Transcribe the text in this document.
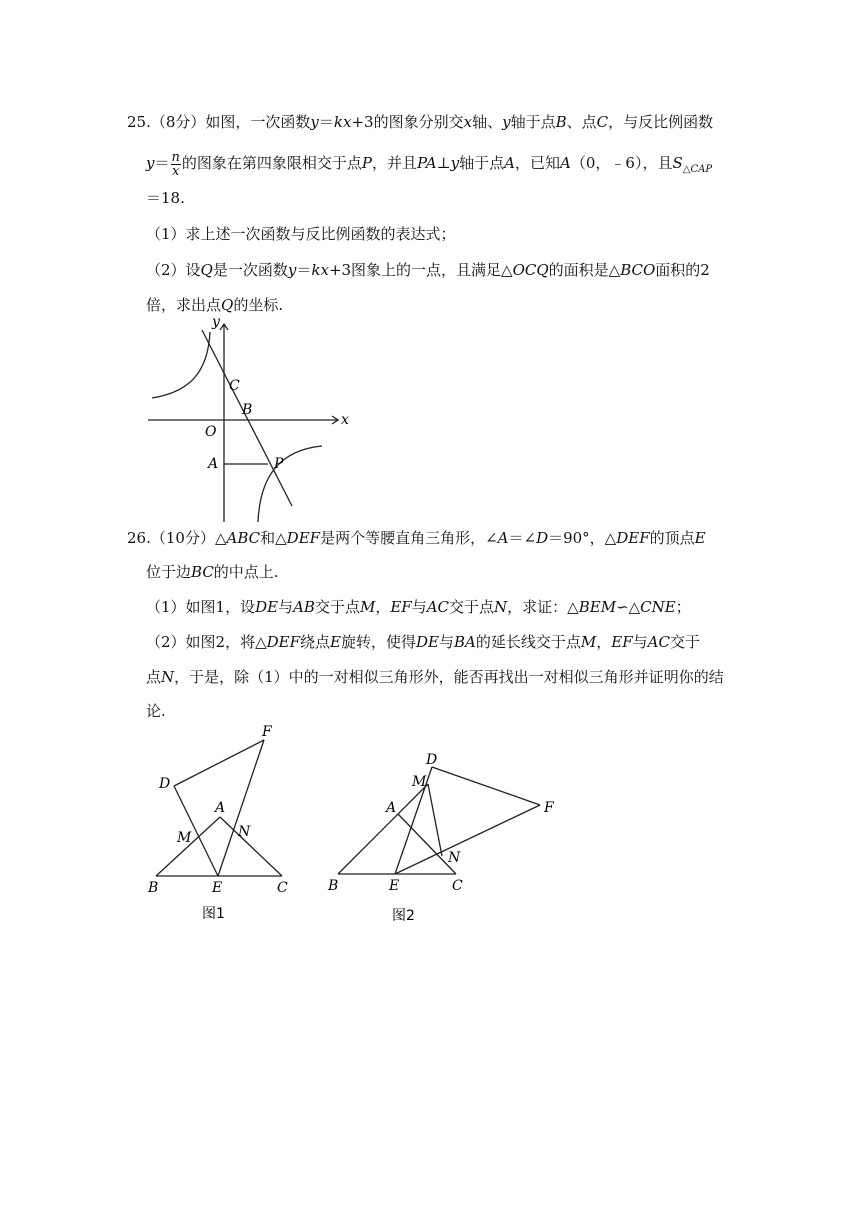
25.（8分）如图，一次函数y＝kx+3的图象分别交x轴、y轴于点B、点C，与反比例函数
$y= \frac{n}{x}$ 的图象在第四象限相交于点P，并且PA⊥y轴于点A，已知A（0，﹣6），且$S_{\triangle CAP}$
＝18.
（1）求上述一次函数与反比例函数的表达式；
（2）设Q是一次函数y＝kx+3图象上的一点，且满足△OCQ的面积是△BCO面积的2
倍，求出点Q的坐标.
y
x
C
B
O
A	P
26.（10分）△ABC和△DEF是两个等腰直角三角形，∠A＝∠D＝90°，△DEF的顶点E
位于边BC的中点上.
（1）如图1，设DE与AB交于点M，EF与AC交于点N，求证：△BEM∽△CNE；
（2）如图2，将△DEF绕点E旋转，使得DE与BA的延长线交于点M，EF与AC交于
点N，于是，除（1）中的一对相似三角形外，能否再找出一对相似三角形并证明你的结
论.
F
D
A
M	N
B	E	C
图1
D
M
A	F
N
B	E	C
图2
